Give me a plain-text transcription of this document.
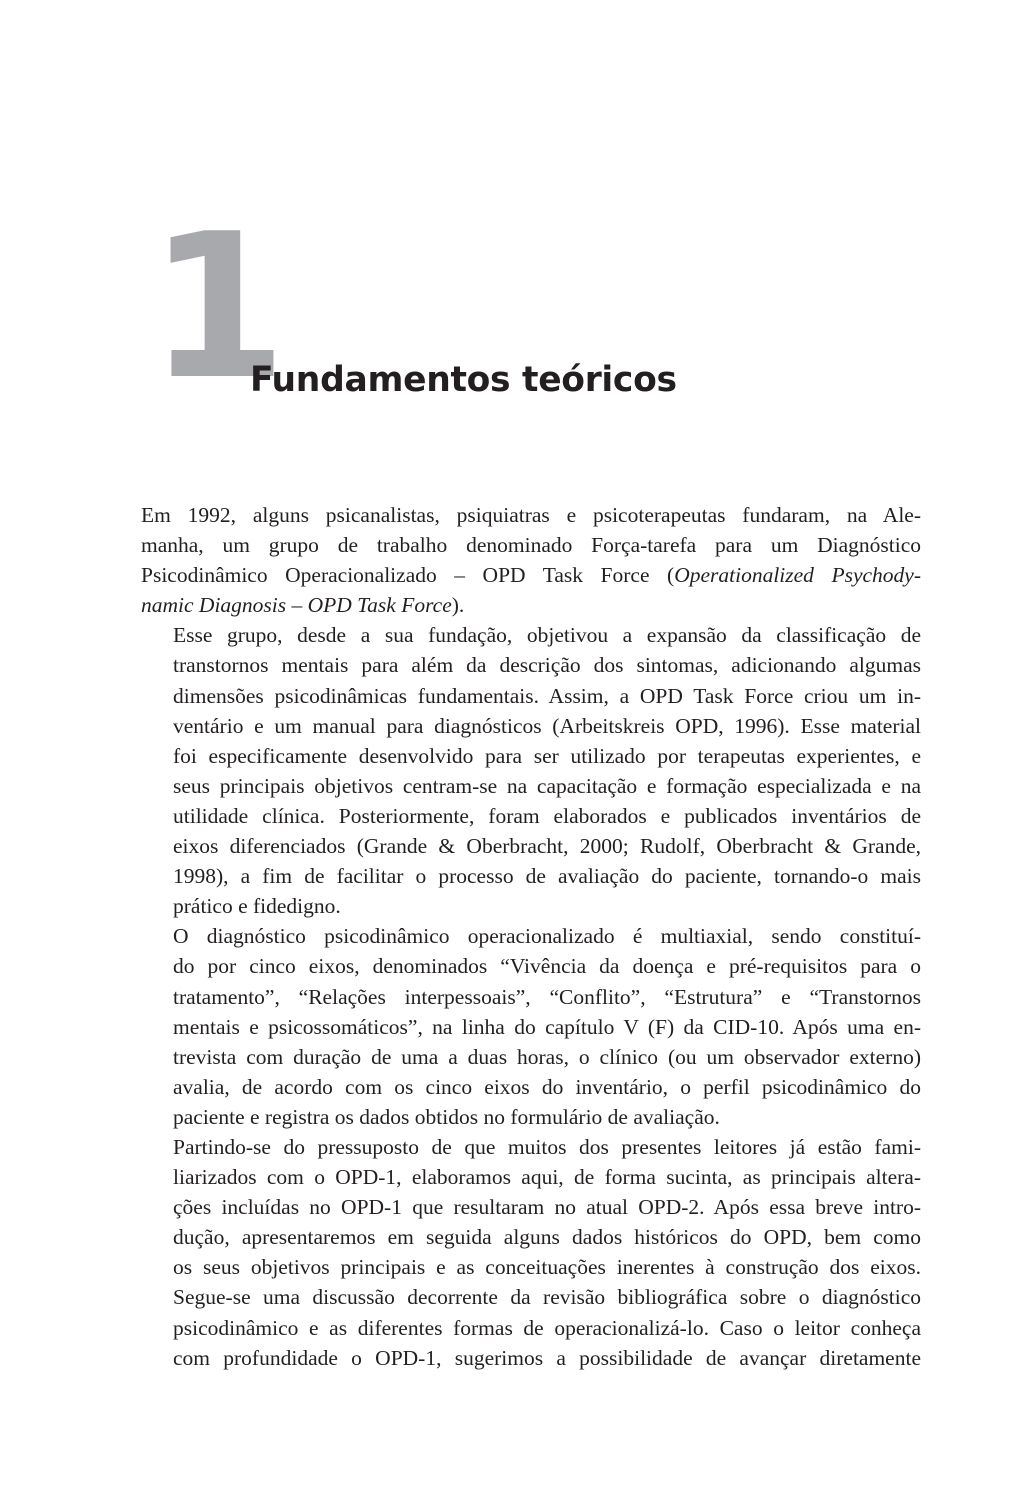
1
Fundamentos teóricos

Em 1992, alguns psicanalistas, psiquiatras e psicoterapeutas fundaram, na Ale-
manha, um grupo de trabalho denominado Força-tarefa para um Diagnóstico
Psicodinâmico Operacionalizado – OPD Task Force (Operationalized Psychody-
namic Diagnosis – OPD Task Force).

Esse grupo, desde a sua fundação, objetivou a expansão da classificação de
transtornos mentais para além da descrição dos sintomas, adicionando algumas
dimensões psicodinâmicas fundamentais. Assim, a OPD Task Force criou um in-
ventário e um manual para diagnósticos (Arbeitskreis OPD, 1996). Esse material
foi especificamente desenvolvido para ser utilizado por terapeutas experientes, e
seus principais objetivos centram-se na capacitação e formação especializada e na
utilidade clínica. Posteriormente, foram elaborados e publicados inventários de
eixos diferenciados (Grande & Oberbracht, 2000; Rudolf, Oberbracht & Grande,
1998), a fim de facilitar o processo de avaliação do paciente, tornando-o mais
prático e fidedigno.

O diagnóstico psicodinâmico operacionalizado é multiaxial, sendo constituí-
do por cinco eixos, denominados “Vivência da doença e pré-requisitos para o
tratamento”, “Relações interpessoais”, “Conflito”, “Estrutura” e “Transtornos
mentais e psicossomáticos”, na linha do capítulo V (F) da CID-10. Após uma en-
trevista com duração de uma a duas horas, o clínico (ou um observador externo)
avalia, de acordo com os cinco eixos do inventário, o perfil psicodinâmico do
paciente e registra os dados obtidos no formulário de avaliação.

Partindo-se do pressuposto de que muitos dos presentes leitores já estão fami-
liarizados com o OPD-1, elaboramos aqui, de forma sucinta, as principais altera-
ções incluídas no OPD-1 que resultaram no atual OPD-2. Após essa breve intro-
dução, apresentaremos em seguida alguns dados históricos do OPD, bem como
os seus objetivos principais e as conceituações inerentes à construção dos eixos.
Segue-se uma discussão decorrente da revisão bibliográfica sobre o diagnóstico
psicodinâmico e as diferentes formas de operacionalizá-lo. Caso o leitor conheça
com profundidade o OPD-1, sugerimos a possibilidade de avançar diretamente
